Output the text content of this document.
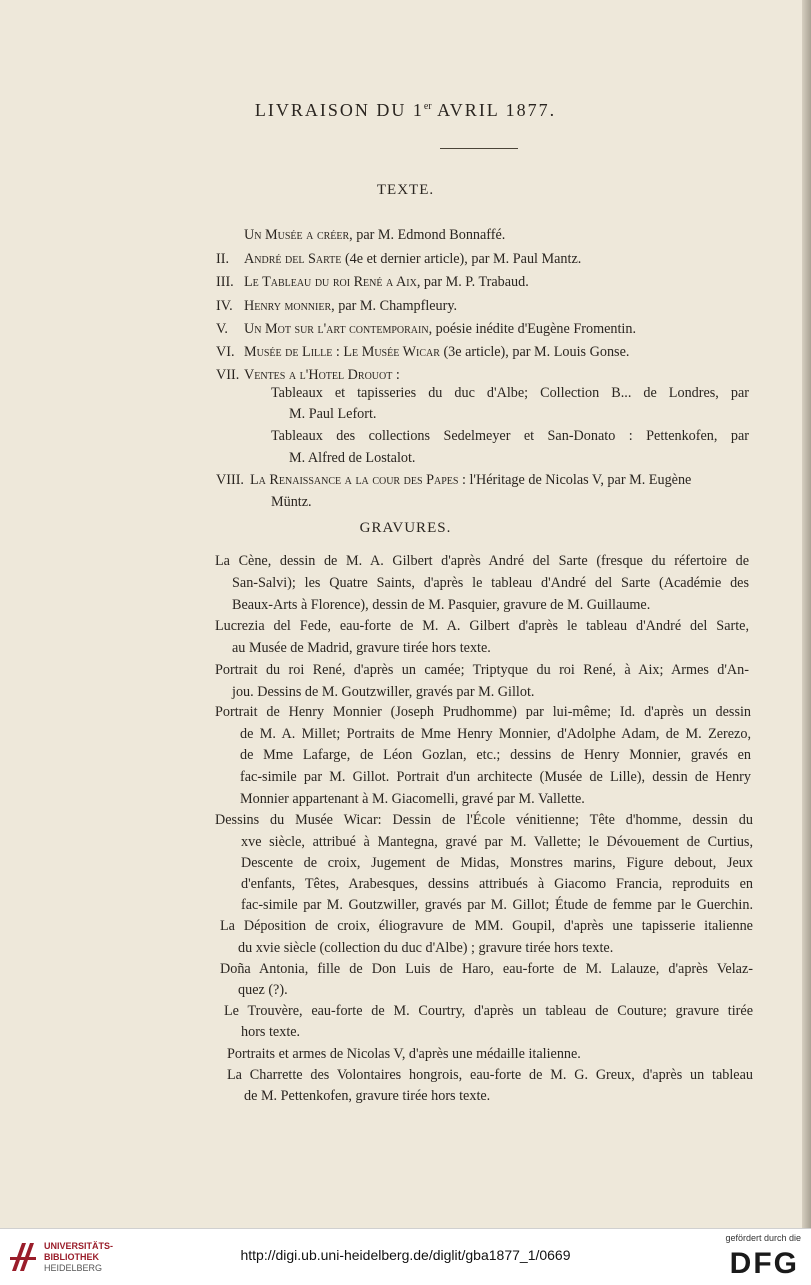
LIVRAISON DU 1er AVRIL 1877.
TEXTE.
Un Musée a créer, par M. Edmond Bonnaffé.
II. André del Sarte (4e et dernier article), par M. Paul Mantz.
III. Le Tableau du roi René a Aix, par M. P. Trabaud.
IV. Henry monnier, par M. Champfleury.
V. Un Mot sur l'art contemporain, poésie inédite d'Eugène Fromentin.
VI. Musée de Lille : Le Musée Wicar (3e article), par M. Louis Gonse.
VII. Ventes a l'Hotel Drouot :
Tableaux et tapisseries du duc d'Albe; Collection B... de Londres, par
M. Paul Lefort.
Tableaux des collections Sedelmeyer et San-Donato : Pettenkofen, par
M. Alfred de Lostalot.
VIII. La Renaissance a la cour des Papes : l'Héritage de Nicolas V, par M. Eugène
Müntz.
GRAVURES.
La Cène, dessin de M. A. Gilbert d'après André del Sarte (fresque du réfertoire de
San-Salvi); les Quatre Saints, d'après le tableau d'André del Sarte (Académie des
Beaux-Arts à Florence), dessin de M. Pasquier, gravure de M. Guillaume.
Lucrezia del Fede, eau-forte de M. A. Gilbert d'après le tableau d'André del Sarte,
au Musée de Madrid, gravure tirée hors texte.
Portrait du roi René, d'après un camée; Triptyque du roi René, à Aix; Armes d'An-
jou. Dessins de M. Goutzwiller, gravés par M. Gillot.
Portrait de Henry Monnier (Joseph Prudhomme) par lui-même; Id. d'après un dessin
de M. A. Millet; Portraits de Mme Henry Monnier, d'Adolphe Adam, de M. Zerezo,
de Mme Lafarge, de Léon Gozlan, etc.; dessins de Henry Monnier, gravés en
fac-simile par M. Gillot. Portrait d'un architecte (Musée de Lille), dessin de Henry
Monnier appartenant à M. Giacomelli, gravé par M. Vallette.
Dessins du Musée Wicar: Dessin de l'École vénitienne; Tête d'homme, dessin du
xve siècle, attribué à Mantegna, gravé par M. Vallette; le Dévouement de Curtius,
Descente de croix, Jugement de Midas, Monstres marins, Figure debout, Jeux
d'enfants, Têtes, Arabesques, dessins attribués à Giacomo Francia, reproduits en
fac-simile par M. Goutzwiller, gravés par M. Gillot; Étude de femme par le Guerchin.
La Déposition de croix, éliogravure de MM. Goupil, d'après une tapisserie italienne
du xvie siècle (collection du duc d'Albe) ; gravure tirée hors texte.
Doña Antonia, fille de Don Luis de Haro, eau-forte de M. Lalauze, d'après Velaz-
quez (?).
Le Trouvère, eau-forte de M. Courtry, d'après un tableau de Couture; gravure tirée
hors texte.
Portraits et armes de Nicolas V, d'après une médaille italienne.
La Charrette des Volontaires hongrois, eau-forte de M. G. Greux, d'après un tableau
de M. Pettenkofen, gravure tirée hors texte.
UNIVERSITÄTS-
BIBLIOTHEK
HEIDELBERG
http://digi.ub.uni-heidelberg.de/diglit/gba1877_1/0669
gefördert durch die
DFG
